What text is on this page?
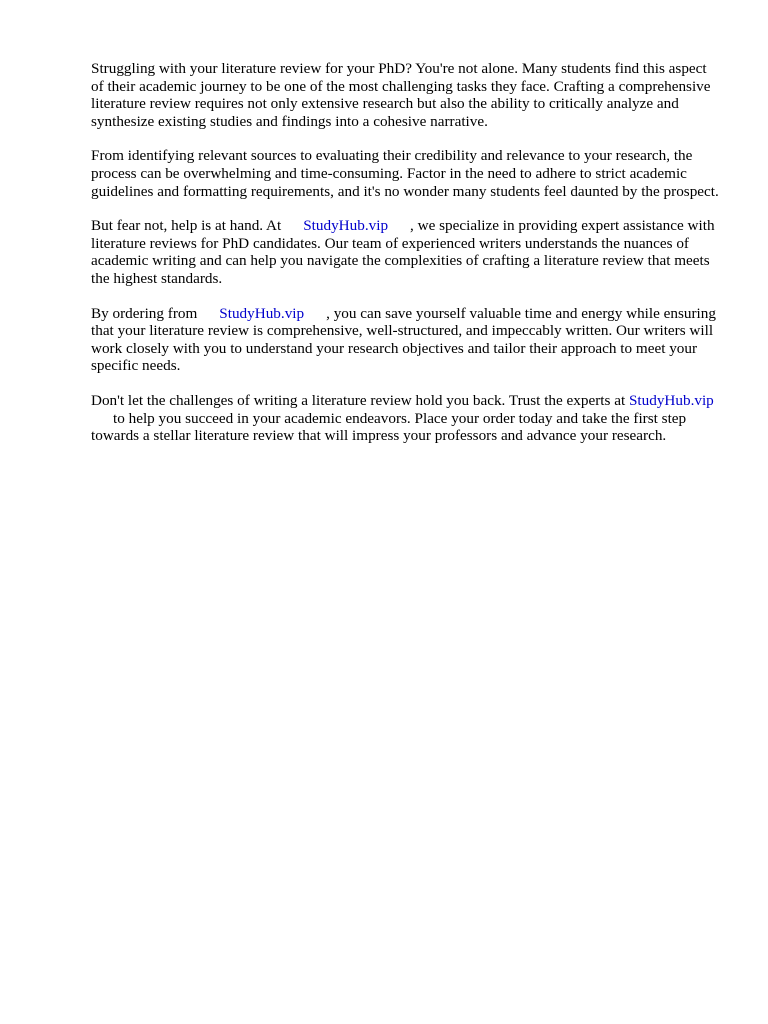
Struggling with your literature review for your PhD? You're not alone. Many students find this aspect of their academic journey to be one of the most challenging tasks they face. Crafting a comprehensive literature review requires not only extensive research but also the ability to critically analyze and synthesize existing studies and findings into a cohesive narrative.

From identifying relevant sources to evaluating their credibility and relevance to your research, the process can be overwhelming and time-consuming. Factor in the need to adhere to strict academic guidelines and formatting requirements, and it's no wonder many students feel daunted by the prospect.

But fear not, help is at hand. At StudyHub.vip , we specialize in providing expert assistance with literature reviews for PhD candidates. Our team of experienced writers understands the nuances of academic writing and can help you navigate the complexities of crafting a literature review that meets the highest standards.

By ordering from StudyHub.vip , you can save yourself valuable time and energy while ensuring that your literature review is comprehensive, well-structured, and impeccably written. Our writers will work closely with you to understand your research objectives and tailor their approach to meet your specific needs.

Don't let the challenges of writing a literature review hold you back. Trust the experts at StudyHub.vipto help you succeed in your academic endeavors. Place your order today and take the first step towards a stellar literature review that will impress your professors and advance your research.
